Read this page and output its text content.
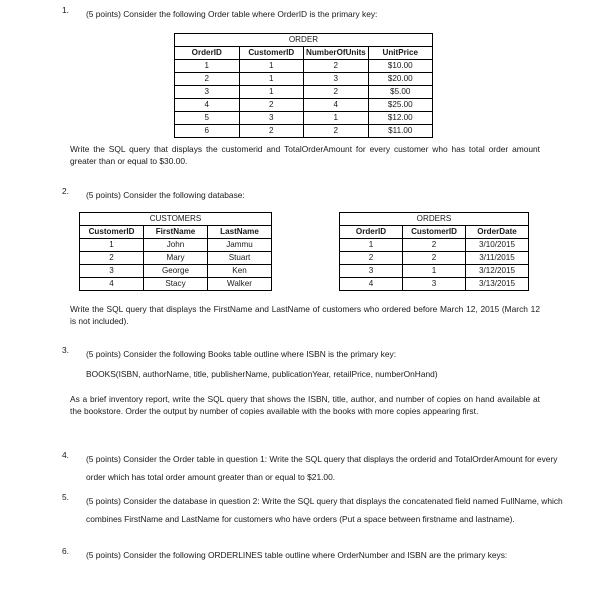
1.	(5 points) Consider the following Order table where OrderID is the primary key:
ORDER			
OrderID	CustomerID	NumberOfUnits	UnitPrice
1	1	2	$10.00
2	1	3	$20.00
3	1	2	$5.00
4	2	4	$25.00
5	3	1	$12.00
6	2	2	$11.00

Write the SQL query that displays the customerid and TotalOrderAmount for every customer who has total order amount greater than or equal to $30.00.

2.	(5 points) Consider the following database:
CUSTOMERS		
CustomerID	FirstName	LastName
1	John	Jammu
2	Mary	Stuart
3	George	Ken
4	Stacy	Walker
ORDERS		
OrderID	CustomerID	OrderDate
1	2	3/10/2015
2	2	3/11/2015
3	1	3/12/2015
4	3	3/13/2015

Write the SQL query that displays the FirstName and LastName of customers who ordered before March 12, 2015 (March 12 is not included).

3.	(5 points) Consider the following Books table outline where ISBN is the primary key:

BOOKS(ISBN, authorName, title, publisherName, publicationYear, retailPrice, numberOnHand)

As a brief inventory report, write the SQL query that shows the ISBN, title, author, and number of copies on hand available at the bookstore. Order the output by number of copies available with the books with more copies appearing first.

4.	(5 points) Consider the Order table in question 1: Write the SQL query that displays the orderid and TotalOrderAmount for every order which has total order amount greater than or equal to $21.00.
5.	(5 points) Consider the database in question 2: Write the SQL query that displays the concatenated field named FullName, which combines FirstName and LastName for customers who have orders (Put a space between firstname and lastname).
6.	(5 points) Consider the following ORDERLINES table outline where OrderNumber and ISBN are the primary keys:
